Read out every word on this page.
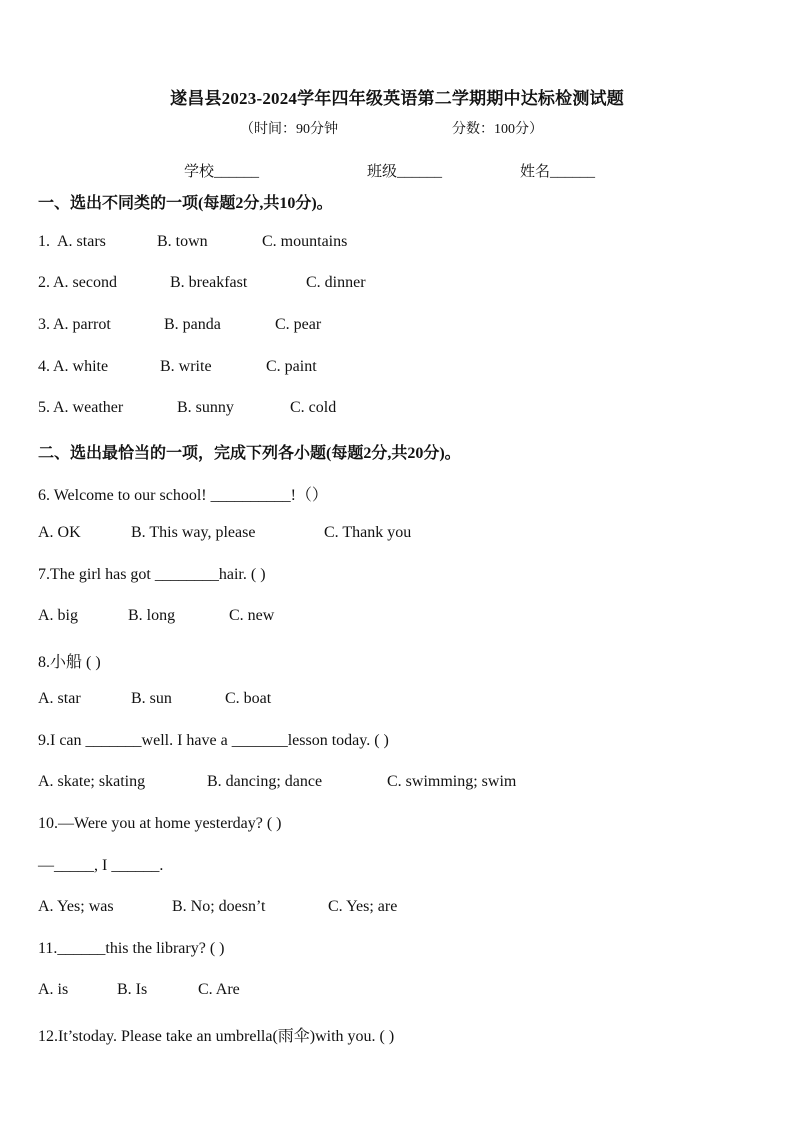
遂昌县2023-2024学年四年级英语第二学期期中达标检测试题
（时间：90分钟	分数：100分）
学校______	班级______	姓名______
一、选出不同类的一项(每题2分,共10分)。
1. A. stars	B. town	C. mountains
2. A. second	B. breakfast	C. dinner
3. A. parrot	B. panda	C. pear
4. A. white	B. write	C. paint
5. A. weather	B. sunny	C. cold
二、选出最恰当的一项，完成下列各小题(每题2分,共20分)。
6. Welcome to our school! __________!（）
A. OK	B. This way, please	C. Thank you
7.The girl has got ________hair. ( )
A. big	B. long	C. new
8.小船 ( )
A. star	B. sun	C. boat
9.I can _______well. I have a _______lesson today. ( )
A. skate; skating	B. dancing; dance	C. swimming; swim
10.—Were you at home yesterday? ( )
—_____, I ______.
A. Yes; was	B. No; doesn’t	C. Yes; are
11.______this the library? ( )
A. is	B. Is	C. Are
12.It’stoday. Please take an umbrella(雨伞)with you. ( )
